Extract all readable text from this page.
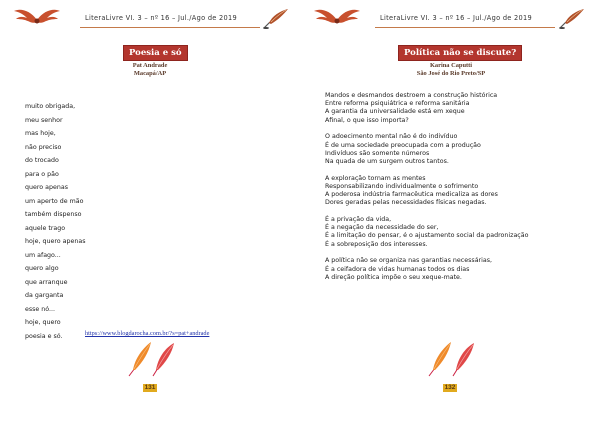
LiteraLivre VI. 3 – nº 16 – Jul./Ago de 2019
Poesia e só
Pat Andrade
Macapá/AP
muito obrigada,
meu senhor
mas hoje,
não preciso
do trocado
para o pão
quero apenas
um aperto de mão
também dispenso
aquele trago
hoje, quero apenas
um afago...
quero algo
que arranque
da garganta
esse nó...
hoje, quero
poesia e só.	https://www.blogdarocha.com.br/?s=pat+andrade
131
LiteraLivre VI. 3 – nº 16 – Jul./Ago de 2019
Política não se discute?
Karina Caputti
São José do Rio Preto/SP
Mandos e desmandos destroem a construção histórica
Entre reforma psiquiátrica e reforma sanitária
A garantia da universalidade está em xeque
Afinal, o que isso importa?
O adoecimento mental não é do indivíduo
É de uma sociedade preocupada com a produção
Indivíduos são somente números
Na quada de um surgem outros tantos.
A exploração tornam as mentes
Responsabilizando individualmente o sofrimento
A poderosa indústria farmacêutica medicaliza as dores
Dores geradas pelas necessidades físicas negadas.
É a privação da vida,
É a negação da necessidade do ser,
É a limitação do pensar, é o ajustamento social da padronização
É a sobreposição dos interesses.
A política não se organiza nas garantias necessárias,
É a ceifadora de vidas humanas todos os dias
A direção política impõe o seu xeque-mate.
132
